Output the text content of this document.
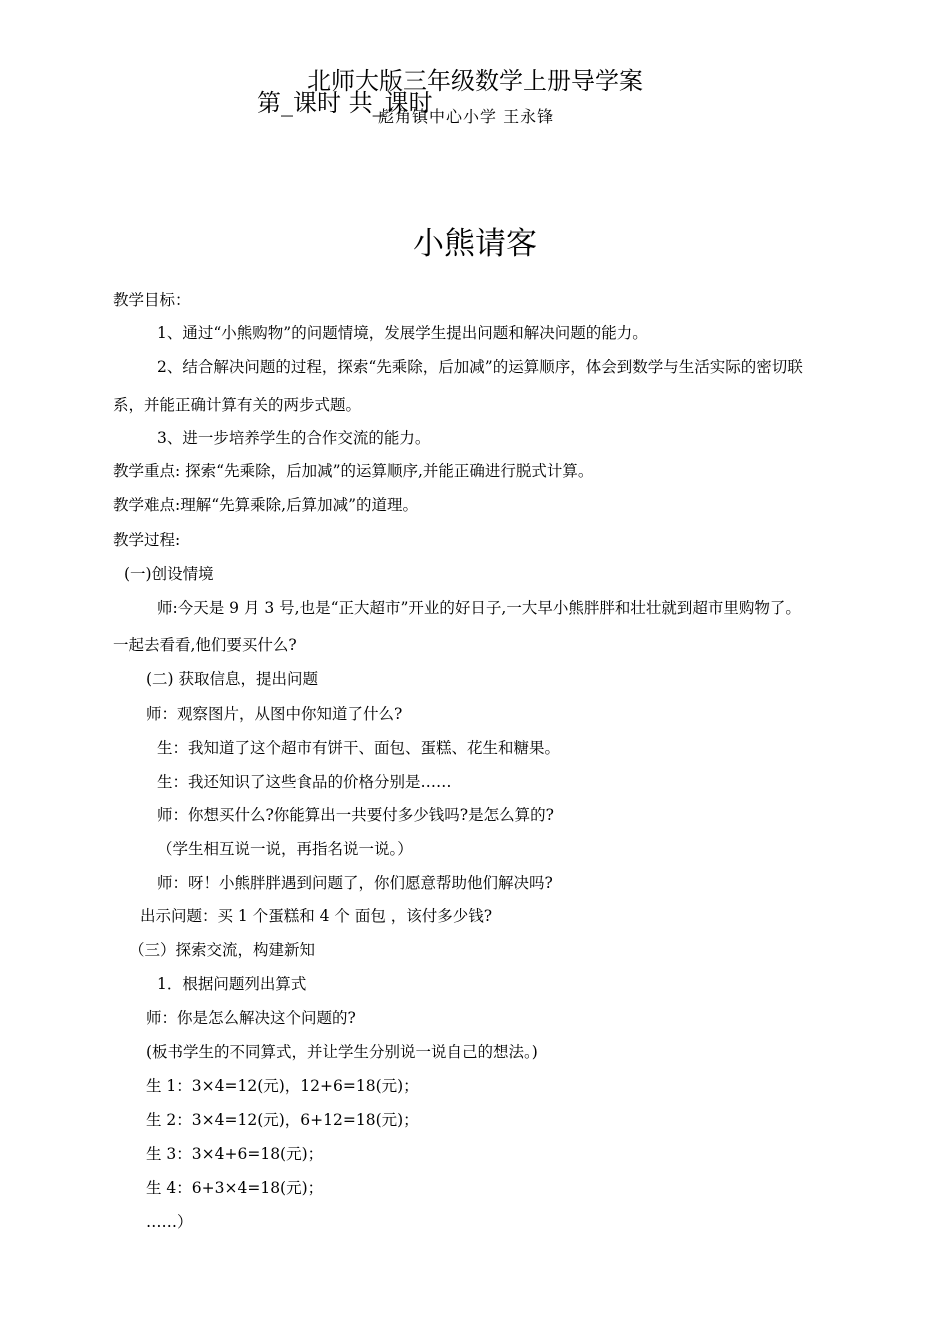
北师大版三年级数学上册导学案
第_课时 共_课时
彪角镇中心小学 王永锋
小熊请客
教学目标：
1、通过“小熊购物”的问题情境，发展学生提出问题和解决问题的能力。
2、结合解决问题的过程，探索“先乘除，后加减”的运算顺序，体会到数学与生活实际的密切联
系，并能正确计算有关的两步式题。
3、进一步培养学生的合作交流的能力。
教学重点: 探索“先乘除，后加减”的运算顺序,并能正确进行脱式计算。
教学难点:理解“先算乘除,后算加减”的道理。
教学过程:
(一)创设情境
师:今天是 9 月 3 号,也是“正大超市”开业的好日子,一大早小熊胖胖和壮壮就到超市里购物了。
一起去看看,他们要买什么?
(二) 获取信息，提出问题
师：观察图片，从图中你知道了什么?
生：我知道了这个超市有饼干、面包、蛋糕、花生和糖果。
生：我还知识了这些食品的价格分别是……
师：你想买什么?你能算出一共要付多少钱吗?是怎么算的?
（学生相互说一说，再指名说一说。）
师：呀！小熊胖胖遇到问题了，你们愿意帮助他们解决吗?
出示问题：买 1 个蛋糕和 4 个 面包 ，该付多少钱?
（三）探索交流，构建新知
1．根据问题列出算式
师：你是怎么解决这个问题的?
(板书学生的不同算式，并让学生分别说一说自己的想法。)
生 1：3×4=12(元)，12+6=18(元)；
生 2：3×4=12(元)，6+12=18(元)；
生 3：3×4+6=18(元)；
生 4：6+3×4=18(元)；
……）
